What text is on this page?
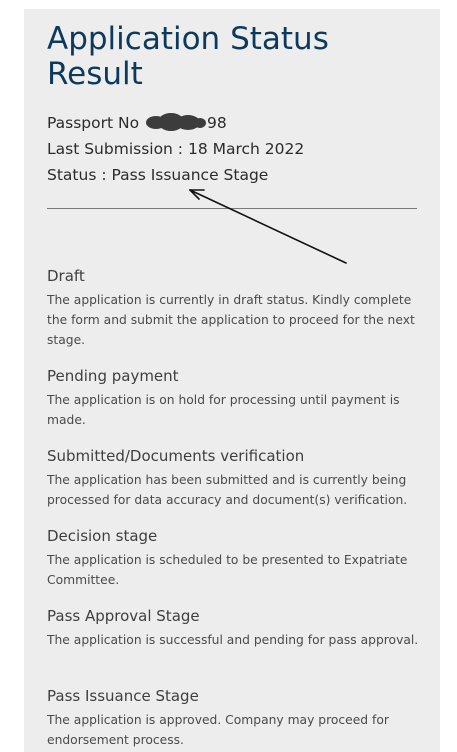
Application Status Result
Passport No	98
Last Submission : 18 March 2022
Status : Pass Issuance Stage
Draft
The application is currently in draft status. Kindly complete the form and submit the application to proceed for the next stage.
Pending payment
The application is on hold for processing until payment is made.
Submitted/Documents verification
The application has been submitted and is currently being processed for data accuracy and document(s) verification.
Decision stage
The application is scheduled to be presented to Expatriate Committee.
Pass Approval Stage
The application is successful and pending for pass approval.
Pass Issuance Stage
The application is approved. Company may proceed for endorsement process.
